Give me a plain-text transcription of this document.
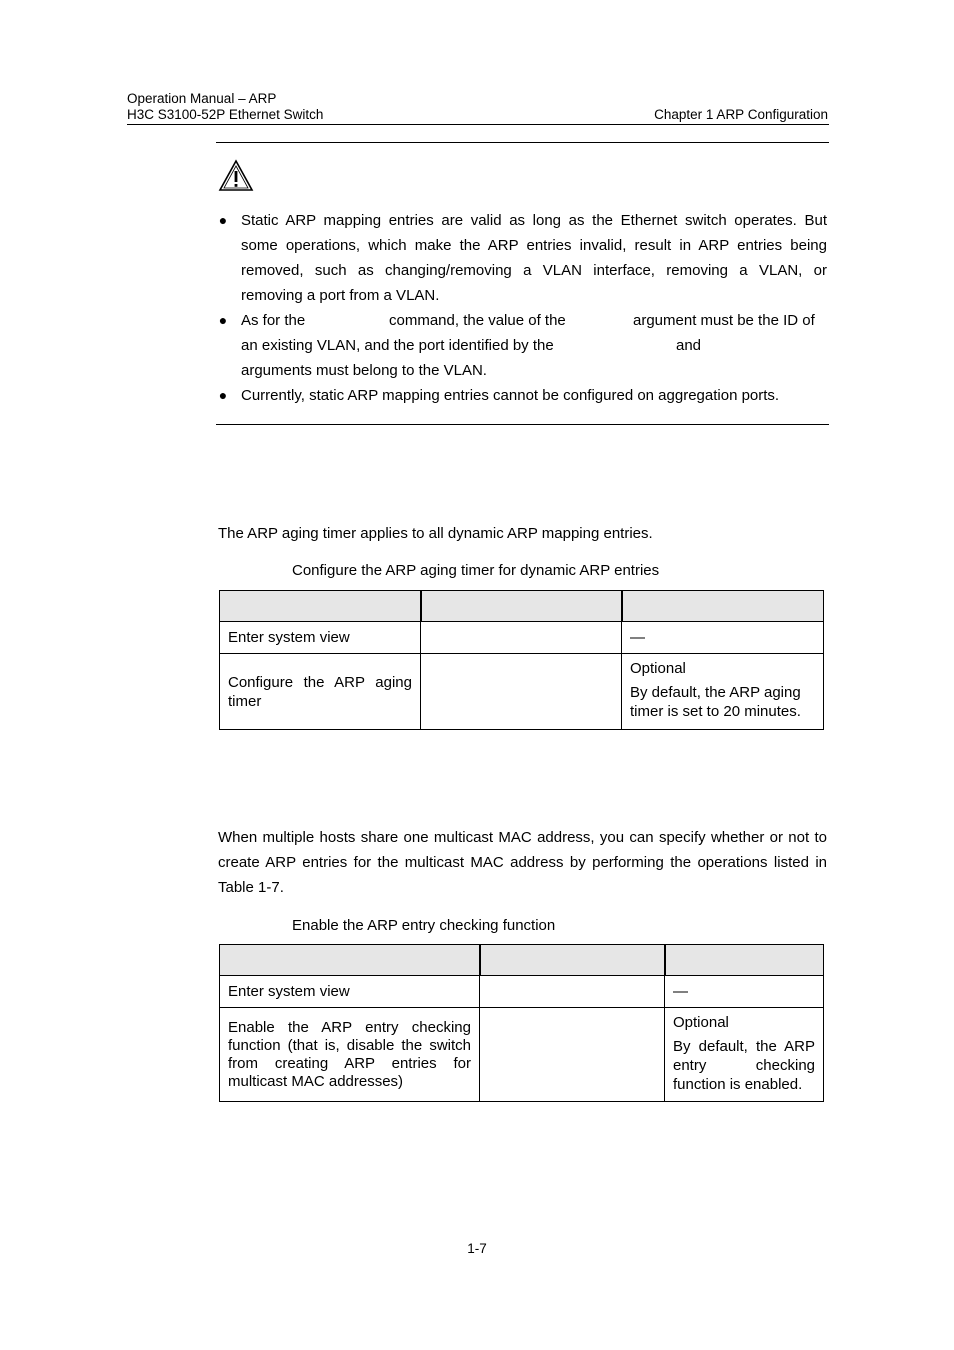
Operation Manual – ARP
H3C S3100-52P Ethernet Switch	Chapter 1 ARP Configuration
● Static ARP mapping entries are valid as long as the Ethernet switch operates. But
some operations, which make the ARP entries invalid, result in ARP entries being
removed, such as changing/removing a VLAN interface, removing a VLAN, or
removing a port from a VLAN.
● As for the	command, the value of the	argument must be the ID of
an existing VLAN, and the port identified by the	and
arguments must belong to the VLAN.
● Currently, static ARP mapping entries cannot be configured on aggregation ports.
The ARP aging timer applies to all dynamic ARP mapping entries.
Configure the ARP aging timer for dynamic ARP entries

Enter system view		—

Configure the ARP aging timer		Optional

By default, the ARP aging timer is set to 20 minutes.

When multiple hosts share one multicast MAC address, you can specify whether or not to create ARP entries for the multicast MAC address by performing the operations listed in Table 1-7.
Enable the ARP entry checking function

Enter system view		—

Enable the ARP entry checking function (that is, disable the switch from creating ARP entries for multicast MAC addresses)		Optional

By default, the ARP entry checking function is enabled.

1-7
